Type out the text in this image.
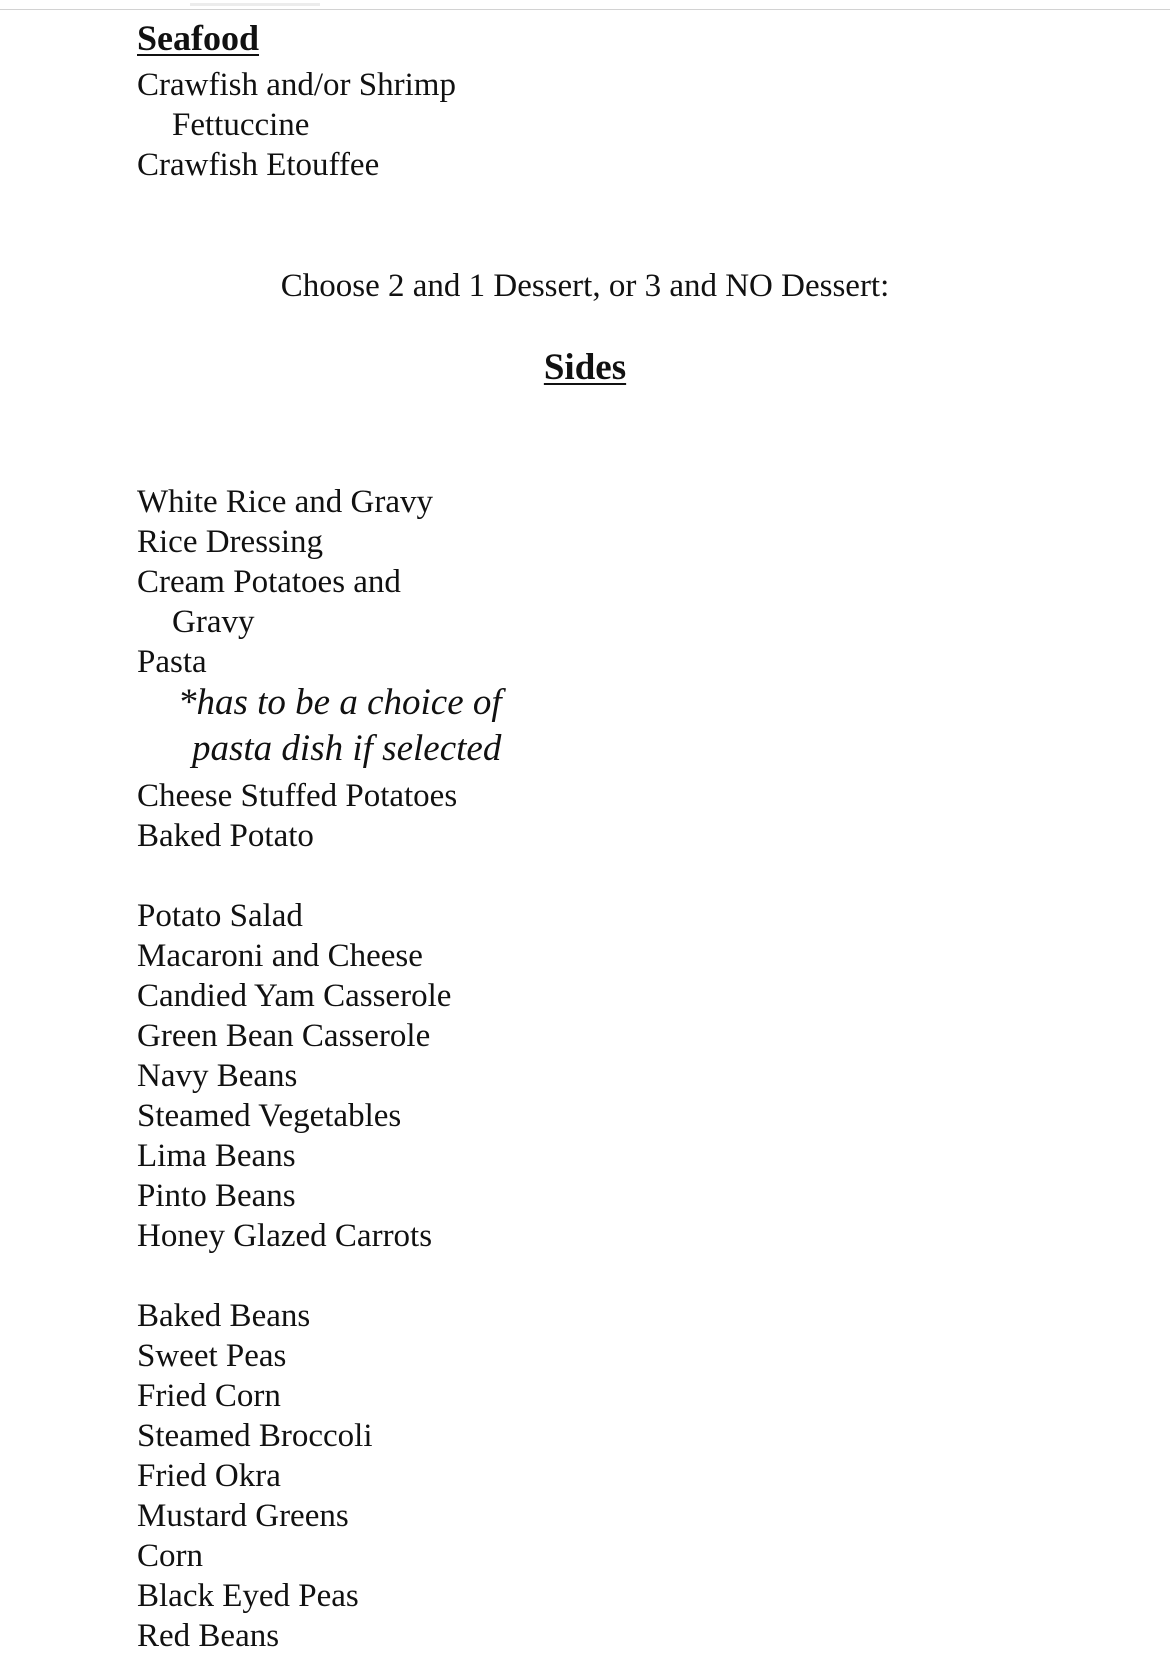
Seafood
Crawfish and/or Shrimp
Fettuccine
Crawfish Etouffee
Choose 2 and 1 Dessert, or 3 and NO Dessert:
Sides
White Rice and Gravy
Rice Dressing
Cream Potatoes and
Gravy
Pasta
*has to be a choice of
pasta dish if selected
Cheese Stuffed Potatoes
Baked Potato
Potato Salad
Macaroni and Cheese
Candied Yam Casserole
Green Bean Casserole
Navy Beans
Steamed Vegetables
Lima Beans
Pinto Beans
Honey Glazed Carrots
Baked Beans
Sweet Peas
Fried Corn
Steamed Broccoli
Fried Okra
Mustard Greens
Corn
Black Eyed Peas
Red Beans
